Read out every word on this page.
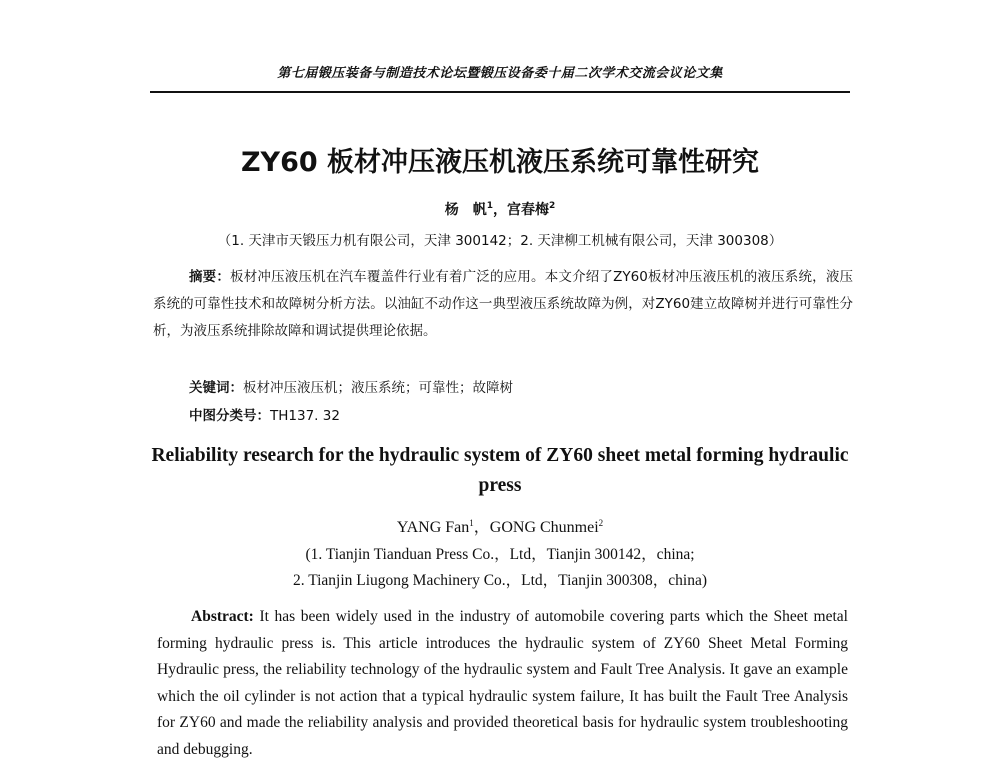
第七届锻压装备与制造技术论坛暨锻压设备委十届二次学术交流会议论文集
ZY60 板材冲压液压机液压系统可靠性研究
杨　帆$^1$，宫春梅$^2$
（1. 天津市天锻压力机有限公司，天津 300142；2. 天津柳工机械有限公司，天津 300308）
摘要：板材冲压液压机在汽车覆盖件行业有着广泛的应用。本文介绍了ZY60板材冲压液压机的液压系统，液压系统的可靠性技术和故障树分析方法。以油缸不动作这一典型液压系统故障为例，对ZY60建立故障树并进行可靠性分析，为液压系统排除故障和调试提供理论依据。
关键词：板材冲压液压机；液压系统；可靠性；故障树
中图分类号：TH137. 32
Reliability research for the hydraulic system of ZY60 sheet metal forming hydraulic press
YANG Fan$^1$，GONG Chunmei$^2$
(1. Tianjin Tianduan Press Co.，Ltd，Tianjin 300142，china;
2. Tianjin Liugong Machinery Co.，Ltd，Tianjin 300308，china)
Abstract: It has been widely used in the industry of automobile covering parts which the Sheet metal forming hydraulic press is. This article introduces the hydraulic system of ZY60 Sheet Metal Forming Hydraulic press, the reliability technology of the hydraulic system and Fault Tree Analysis. It gave an example which the oil cylinder is not action that a typical hydraulic system failure, It has built the Fault Tree Analysis for ZY60 and made the reliability analysis and provided theoretical basis for hydraulic system troubleshooting and debugging.
